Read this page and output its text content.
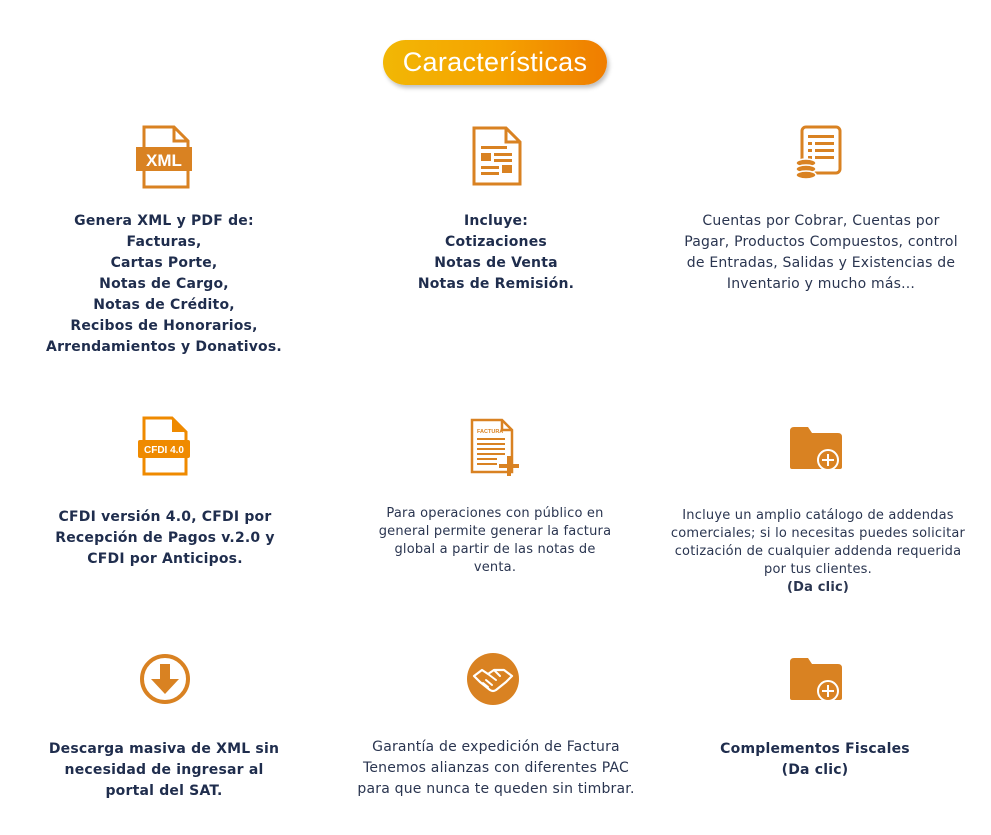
Características
XML
Genera XML y PDF de:
Facturas,
Cartas Porte,
Notas de Cargo,
Notas de Crédito,
Recibos de Honorarios,
Arrendamientos y Donativos.
Incluye:
Cotizaciones
Notas de Venta
Notas de Remisión.
Cuentas por Cobrar, Cuentas por
Pagar, Productos Compuestos, control
de Entradas, Salidas y Existencias de
Inventario y mucho más...
CFDI 4.0
FACTURA
CFDI versión 4.0, CFDI por
Recepción de Pagos v.2.0 y
CFDI por Anticipos.
Para operaciones con público en
general permite generar la factura
global a partir de las notas de
venta.
Incluye un amplio catálogo de addendas
comerciales; si lo necesitas puedes solicitar
cotización de cualquier addenda requerida
por tus clientes.
(Da clic)
Descarga masiva de XML sin
necesidad de ingresar al
portal del SAT.
Garantía de expedición de Factura
Tenemos alianzas con diferentes PAC
para que nunca te queden sin timbrar.
Complementos Fiscales
(Da clic)
